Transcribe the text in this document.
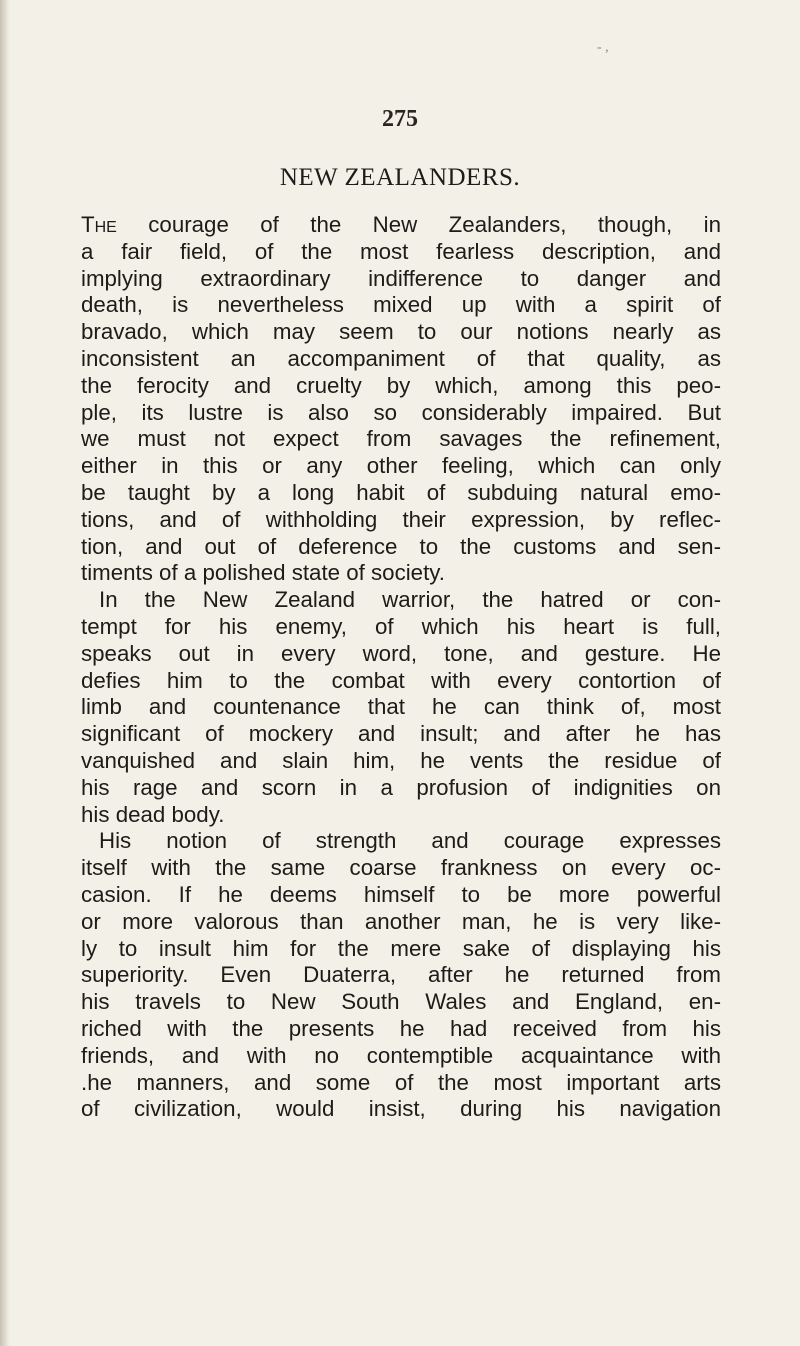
- ,
275
NEW ZEALANDERS.
The courage of the New Zealanders, though, in
a fair field, of the most fearless description, and
implying extraordinary indifference to danger and
death, is nevertheless mixed up with a spirit of
bravado, which may seem to our notions nearly as
inconsistent an accompaniment of that quality, as
the ferocity and cruelty by which, among this peo-
ple, its lustre is also so considerably impaired. But
we must not expect from savages the refinement,
either in this or any other feeling, which can only
be taught by a long habit of subduing natural emo-
tions, and of withholding their expression, by reflec-
tion, and out of deference to the customs and sen-
timents of a polished state of society.
In the New Zealand warrior, the hatred or con-
tempt for his enemy, of which his heart is full,
speaks out in every word, tone, and gesture. He
defies him to the combat with every contortion of
limb and countenance that he can think of, most
significant of mockery and insult; and after he has
vanquished and slain him, he vents the residue of
his rage and scorn in a profusion of indignities on
his dead body.
His notion of strength and courage expresses
itself with the same coarse frankness on every oc-
casion. If he deems himself to be more powerful
or more valorous than another man, he is very like-
ly to insult him for the mere sake of displaying his
superiority. Even Duaterra, after he returned from
his travels to New South Wales and England, en-
riched with the presents he had received from his
friends, and with no contemptible acquaintance with
.he manners, and some of the most important arts
of civilization, would insist, during his navigation
